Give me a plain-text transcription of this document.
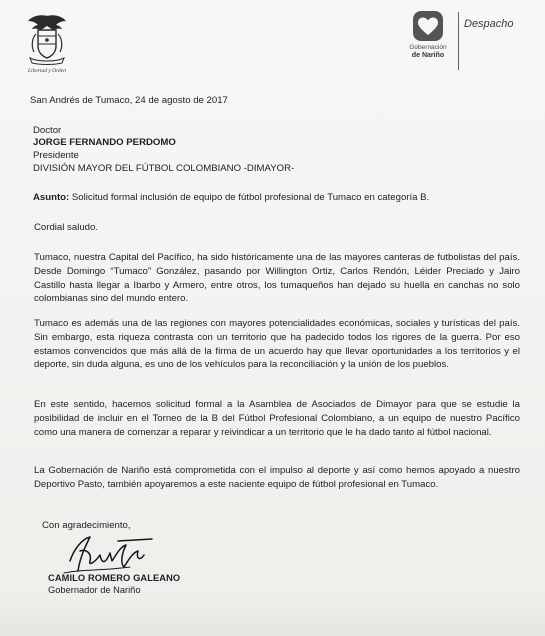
Libertad y Orden
Gobernación
de Nariño
Despacho
San Andrés de Tumaco, 24 de agosto de 2017
Doctor
JORGE FERNANDO PERDOMO
Presidente
DIVISIÓN MAYOR DEL FÚTBOL COLOMBIANO -DIMAYOR-
Asunto: Solicitud formal inclusión de equipo de fútbol profesional de Tumaco en categoría B.
Cordial saludo.
Tumaco, nuestra Capital del Pacífico, ha sido históricamente una de las mayores canteras de futbolistas del país. Desde Domingo “Tumaco” González, pasando por Willington Ortiz, Carlos Rendón, Léider Preciado y Jairo Castillo hasta llegar a Ibarbo y Armero, entre otros, los tumaqueños han dejado su huella en canchas no solo colombianas sino del mundo entero.
Tumaco es además una de las regiones con mayores potencialidades económicas, sociales y turísticas del país. Sin embargo, esta riqueza contrasta con un territorio que ha padecido todos los rigores de la guerra. Por eso estamos convencidos que más allá de la firma de un acuerdo hay que llevar oportunidades a los territorios y el deporte, sin duda alguna, es uno de los vehículos para la reconciliación y la unión de los pueblos.
En este sentido, hacemos solicitud formal a la Asamblea de Asociados de Dimayor para que se estudie la posibilidad de incluir en el Torneo de la B del Fútbol Profesional Colombiano, a un equipo de nuestro Pacífico como una manera de comenzar a reparar y reivindicar a un territorio que le ha dado tanto al fútbol nacional.
La Gobernación de Nariño está comprometida con el impulso al deporte y así como hemos apoyado a nuestro Deportivo Pasto, también apoyaremos a este naciente equipo de fútbol profesional en Tumaco.
Con agradecimiento,
CAMILO ROMERO GALEANO
Gobernador de Nariño
